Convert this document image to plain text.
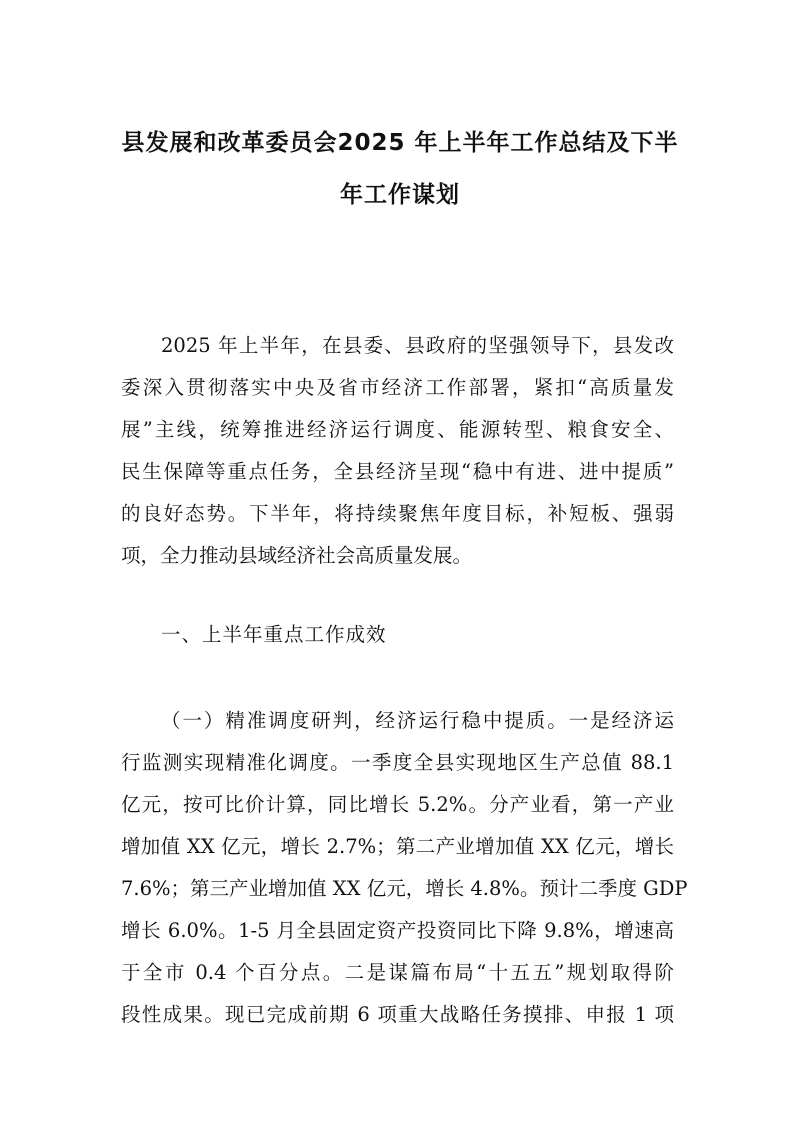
县发展和改革委员会2025 年上半年工作总结及下半
年工作谋划
2025 年上半年，在县委、县政府的坚强领导下，县发改
委深入贯彻落实中央及省市经济工作部署，紧扣“高质量发
展”主线，统筹推进经济运行调度、能源转型、粮食安全、
民生保障等重点任务，全县经济呈现“稳中有进、进中提质”
的良好态势。下半年，将持续聚焦年度目标，补短板、强弱
项，全力推动县域经济社会高质量发展。
一、上半年重点工作成效
（一）精准调度研判，经济运行稳中提质。一是经济运
行监测实现精准化调度。一季度全县实现地区生产总值 88.1
亿元，按可比价计算，同比增长 5.2%。分产业看，第一产业
增加值 XX 亿元，增长 2.7%；第二产业增加值 XX 亿元，增长
7.6%；第三产业增加值 XX 亿元，增长 4.8%。预计二季度 GDP
增长 6.0%。1-5 月全县固定资产投资同比下降 9.8%，增速高
于全市 0.4 个百分点。二是谋篇布局“十五五”规划取得阶
段性成果。现已完成前期 6 项重大战略任务摸排、申报 1 项
